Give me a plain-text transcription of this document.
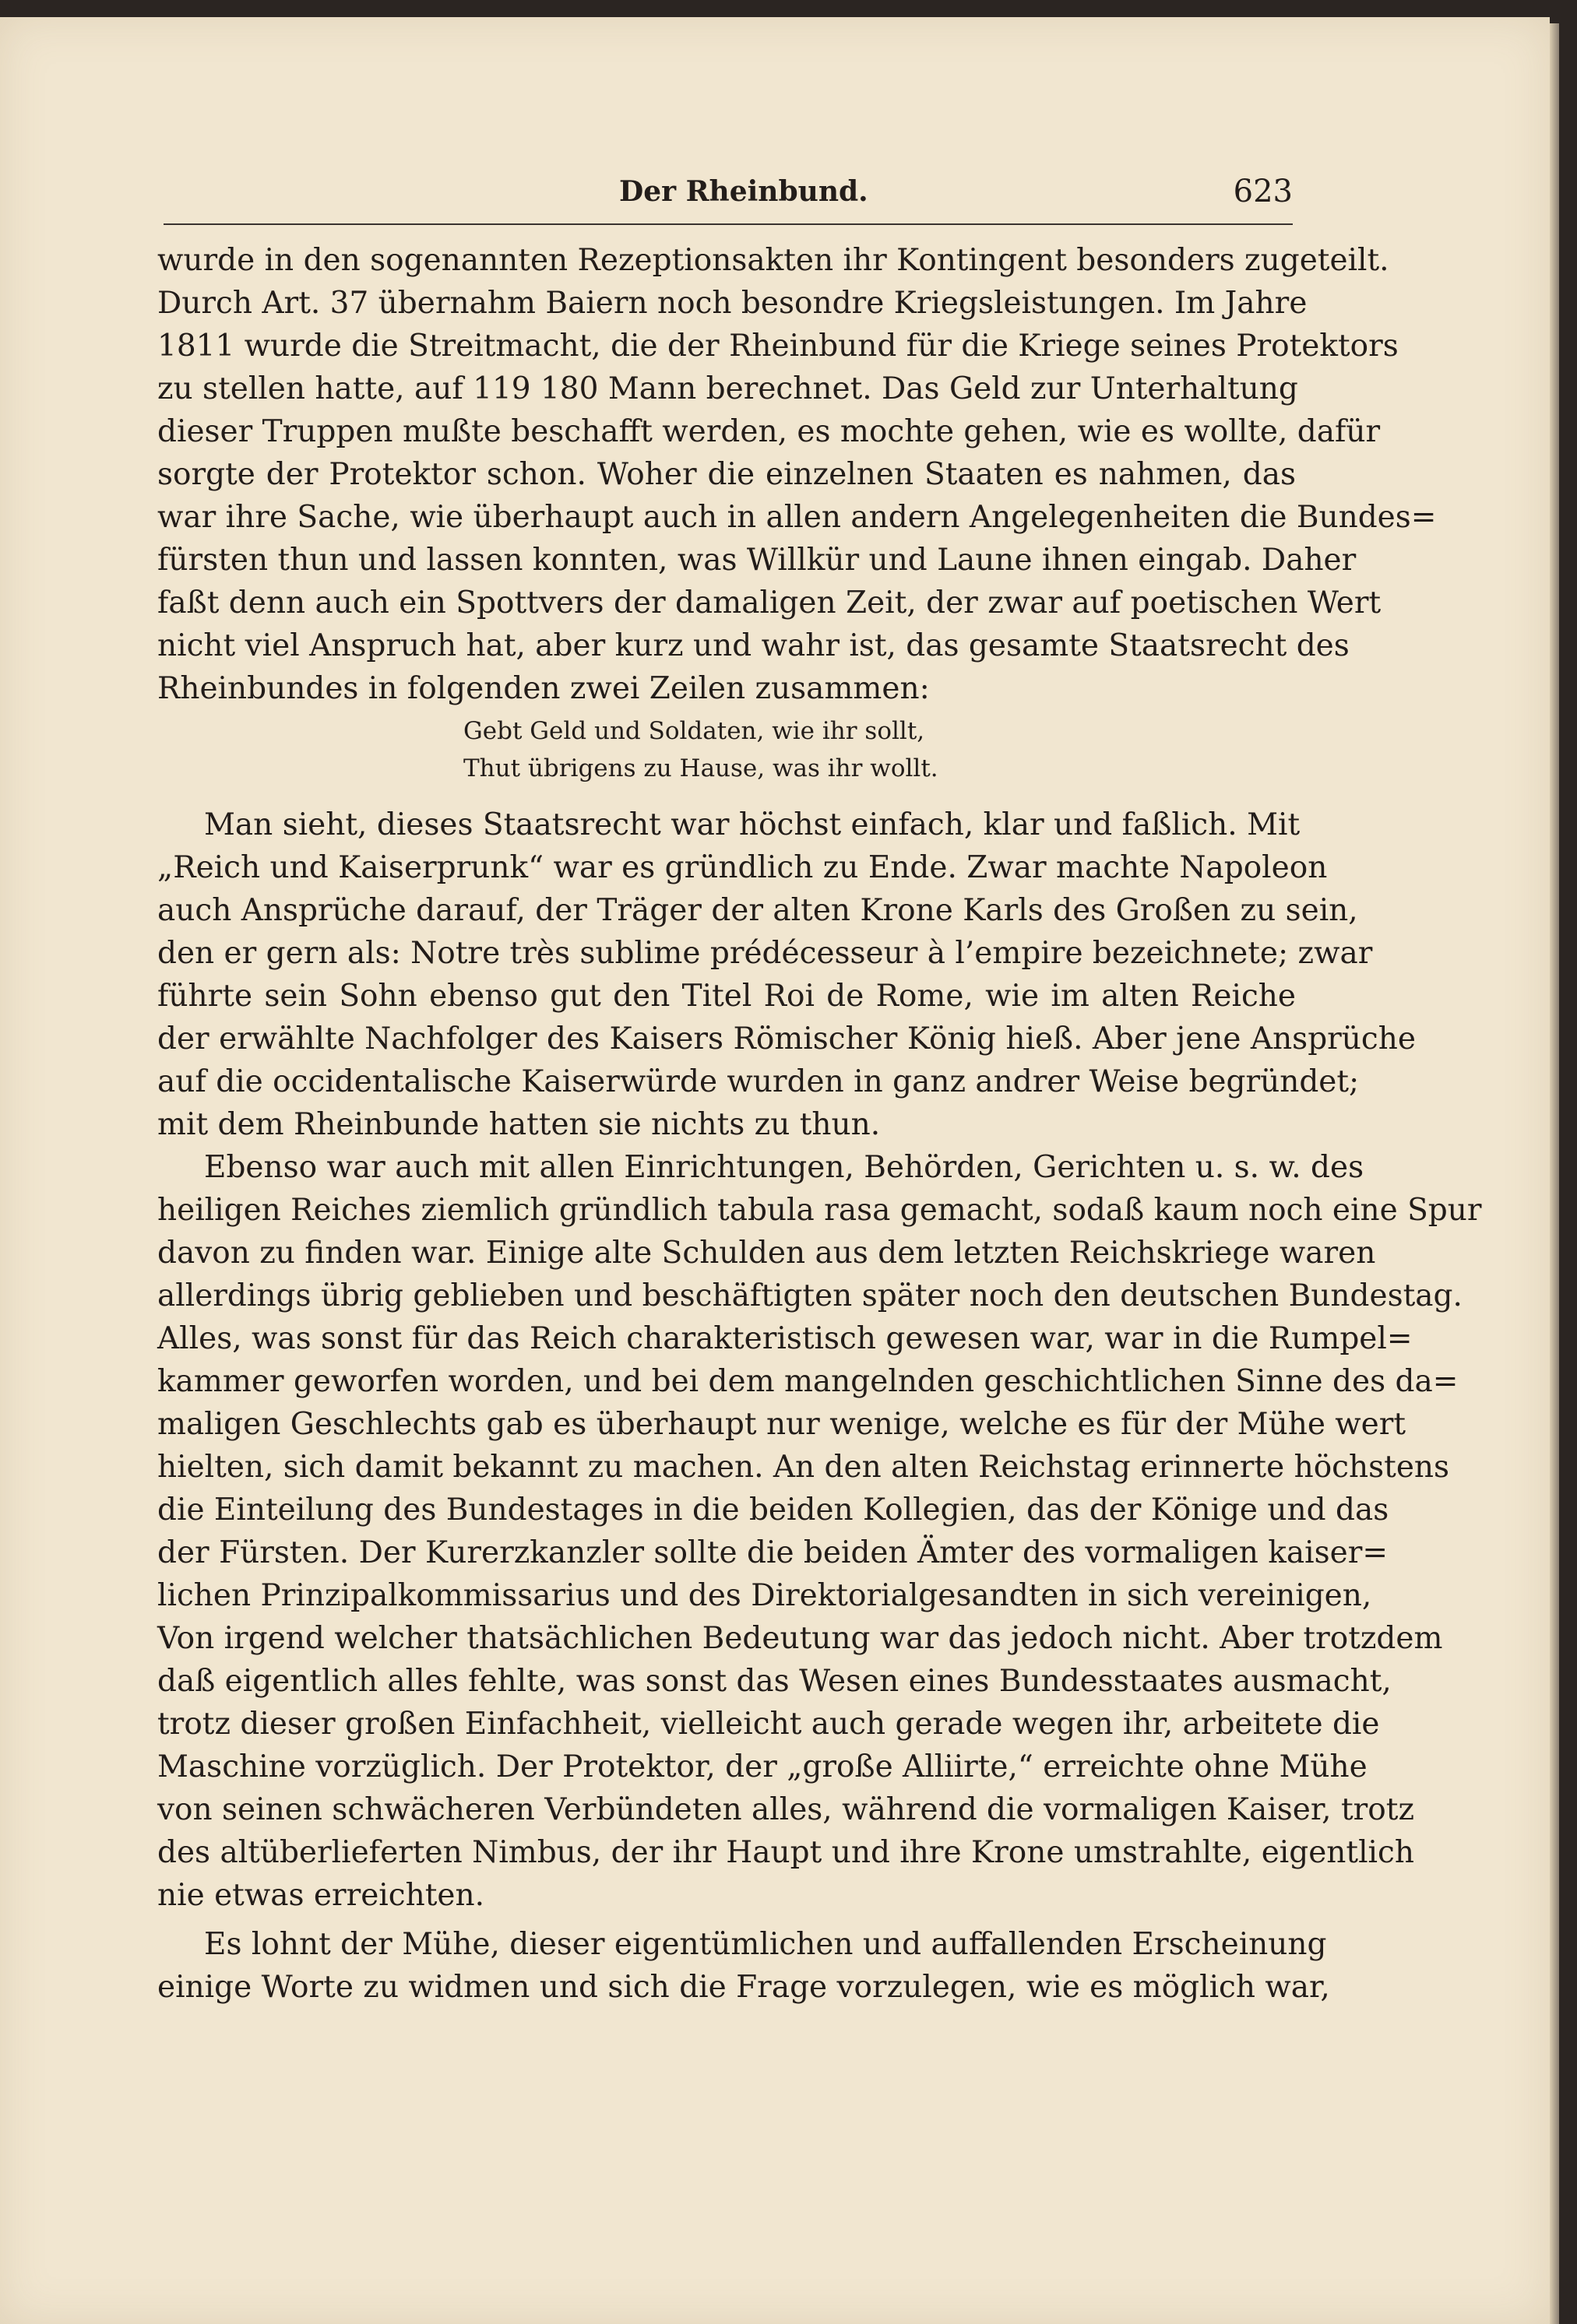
Der Rheinbund.	623
wurde in den sogenannten Rezeptionsakten ihr Kontingent besonders zugeteilt.
Durch Art. 37 übernahm Baiern noch besondre Kriegsleistungen. Im Jahre
1811 wurde die Streitmacht, die der Rheinbund für die Kriege seines Protektors
zu stellen hatte, auf 119 180 Mann berechnet. Das Geld zur Unterhaltung
dieser Truppen mußte beschafft werden, es mochte gehen, wie es wollte, dafür
sorgte der Protektor schon. Woher die einzelnen Staaten es nahmen, das
war ihre Sache, wie überhaupt auch in allen andern Angelegenheiten die Bundes=
fürsten thun und lassen konnten, was Willkür und Laune ihnen eingab. Daher
faßt denn auch ein Spottvers der damaligen Zeit, der zwar auf poetischen Wert
nicht viel Anspruch hat, aber kurz und wahr ist, das gesamte Staatsrecht des
Rheinbundes in folgenden zwei Zeilen zusammen:
Gebt Geld und Soldaten, wie ihr sollt,
Thut übrigens zu Hause, was ihr wollt.
Man sieht, dieses Staatsrecht war höchst einfach, klar und faßlich. Mit
„Reich und Kaiserprunk“ war es gründlich zu Ende. Zwar machte Napoleon
auch Ansprüche darauf, der Träger der alten Krone Karls des Großen zu sein,
den er gern als: Notre très sublime prédécesseur à l’empire bezeichnete; zwar
führte sein Sohn ebenso gut den Titel Roi de Rome, wie im alten Reiche
der erwählte Nachfolger des Kaisers Römischer König hieß. Aber jene Ansprüche
auf die occidentalische Kaiserwürde wurden in ganz andrer Weise begründet;
mit dem Rheinbunde hatten sie nichts zu thun.
Ebenso war auch mit allen Einrichtungen, Behörden, Gerichten u. s. w. des
heiligen Reiches ziemlich gründlich tabula rasa gemacht, sodaß kaum noch eine Spur
davon zu finden war. Einige alte Schulden aus dem letzten Reichskriege waren
allerdings übrig geblieben und beschäftigten später noch den deutschen Bundestag.
Alles, was sonst für das Reich charakteristisch gewesen war, war in die Rumpel=
kammer geworfen worden, und bei dem mangelnden geschichtlichen Sinne des da=
maligen Geschlechts gab es überhaupt nur wenige, welche es für der Mühe wert
hielten, sich damit bekannt zu machen. An den alten Reichstag erinnerte höchstens
die Einteilung des Bundestages in die beiden Kollegien, das der Könige und das
der Fürsten. Der Kurerzkanzler sollte die beiden Ämter des vormaligen kaiser=
lichen Prinzipalkommissarius und des Direktorialgesandten in sich vereinigen,
Von irgend welcher thatsächlichen Bedeutung war das jedoch nicht. Aber trotzdem
daß eigentlich alles fehlte, was sonst das Wesen eines Bundesstaates ausmacht,
trotz dieser großen Einfachheit, vielleicht auch gerade wegen ihr, arbeitete die
Maschine vorzüglich. Der Protektor, der „große Alliirte,“ erreichte ohne Mühe
von seinen schwächeren Verbündeten alles, während die vormaligen Kaiser, trotz
des altüberlieferten Nimbus, der ihr Haupt und ihre Krone umstrahlte, eigentlich
nie etwas erreichten.
Es lohnt der Mühe, dieser eigentümlichen und auffallenden Erscheinung
einige Worte zu widmen und sich die Frage vorzulegen, wie es möglich war,
